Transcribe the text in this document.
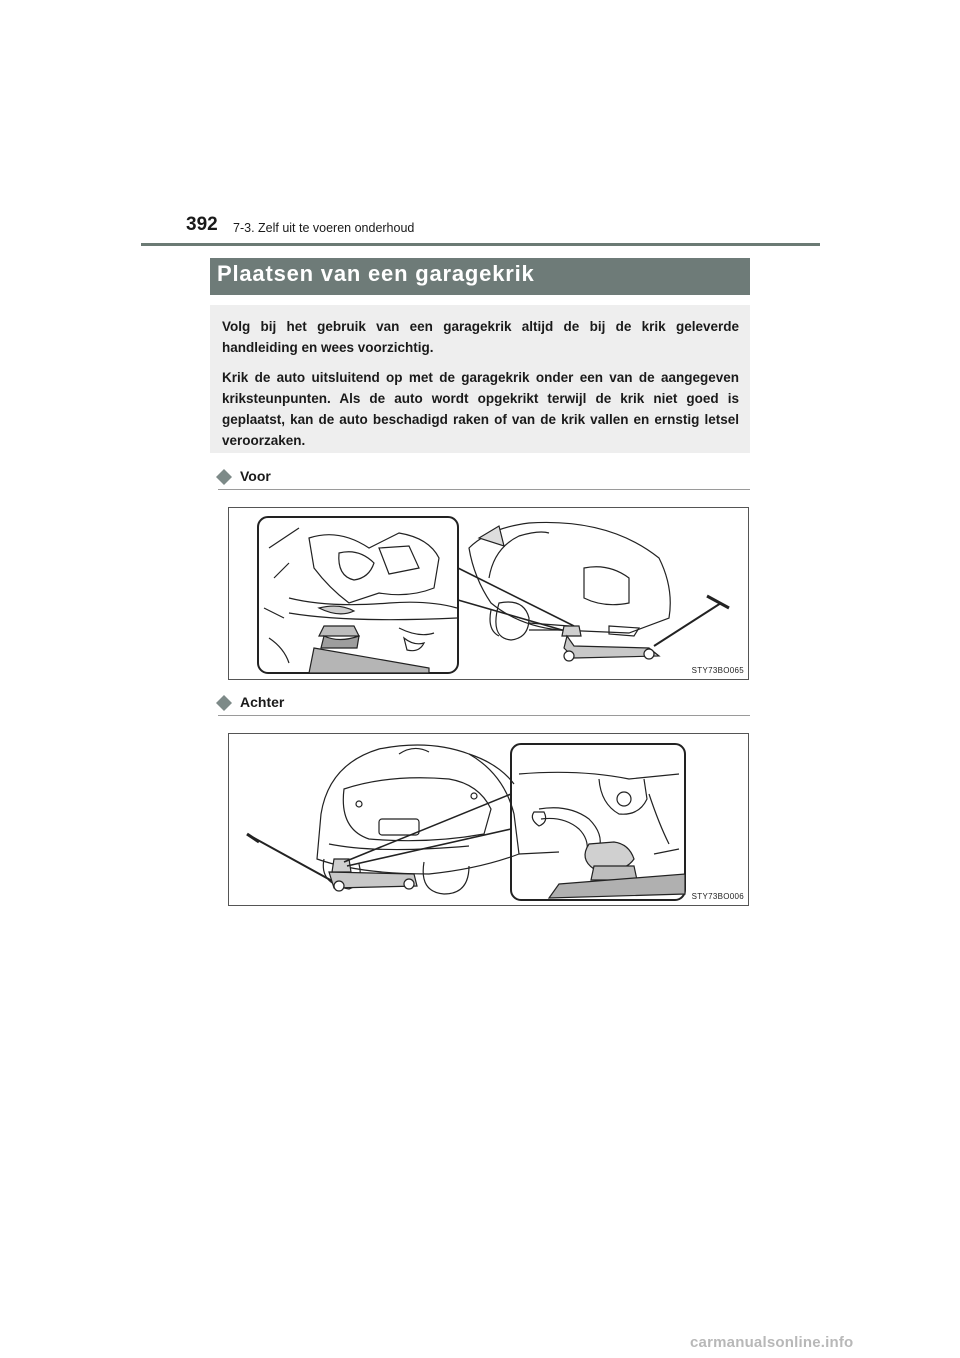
392 7-3. Zelf uit te voeren onderhoud
Plaatsen van een garagekrik

Volg bij het gebruik van een garagekrik altijd de bij de krik geleverde handleiding en wees voorzichtig.

Krik de auto uitsluitend op met de garagekrik onder een van de aangegeven kriksteunpunten. Als de auto wordt opgekrikt terwijl de krik niet goed is geplaatst, kan de auto beschadigd raken of van de krik vallen en ernstig letsel veroorzaken.

Voor
STY73BO065
Achter
STY73BO006
carmanualsonline.info
